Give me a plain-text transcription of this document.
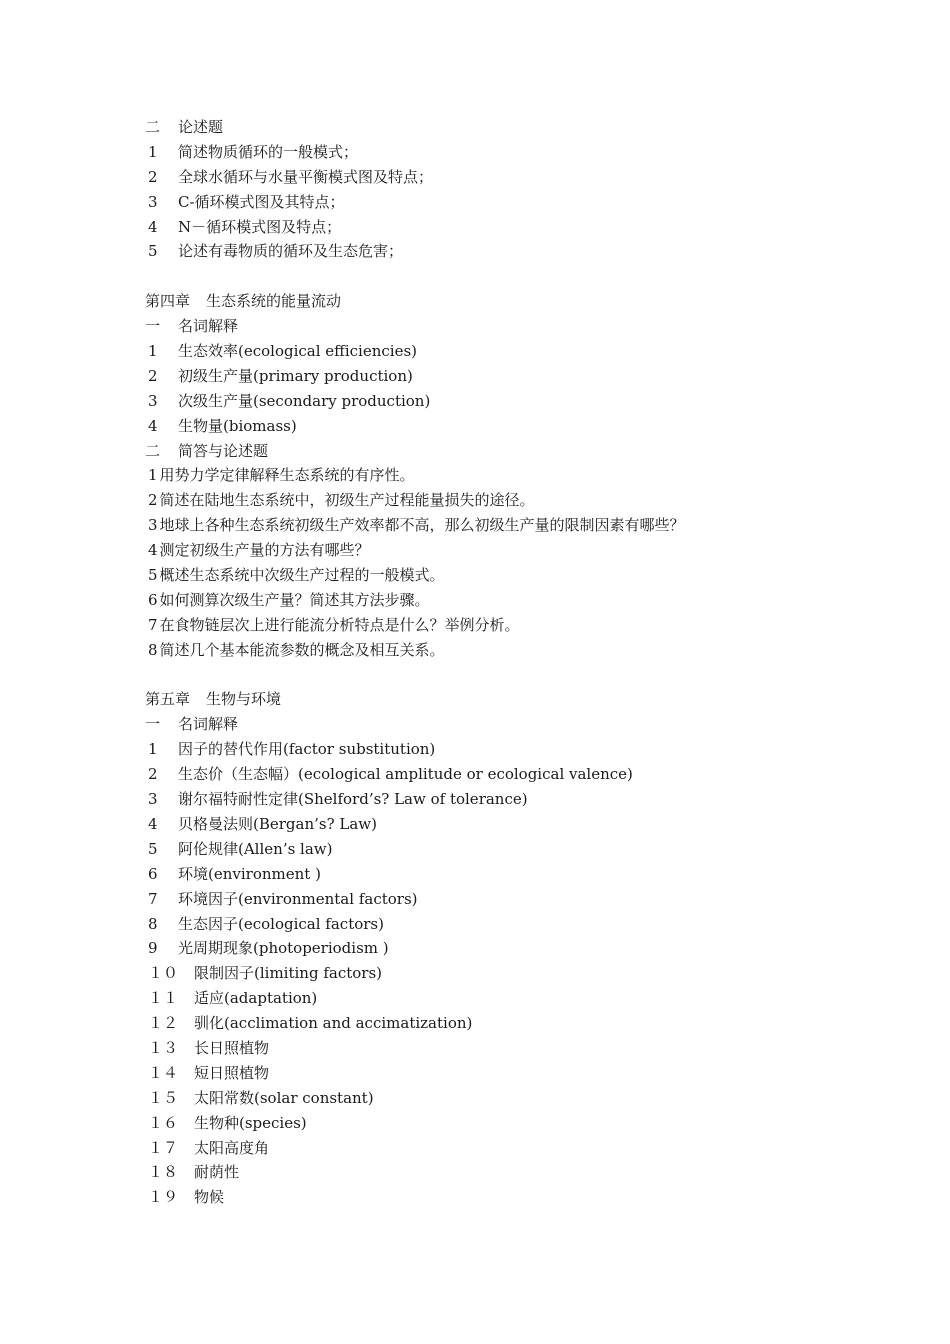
二 论述题
1 简述物质循环的一般模式；
2 全球水循环与水量平衡模式图及特点；
3 C-循环模式图及其特点；
4 N－循环模式图及特点；
5 论述有毒物质的循环及生态危害；
第四章 生态系统的能量流动
一 名词解释
1 生态效率(ecological efficiencies)
2 初级生产量(primary production)
3 次级生产量(secondary production)
4 生物量(biomass)
二 简答与论述题
1 用势力学定律解释生态系统的有序性。
2 简述在陆地生态系统中，初级生产过程能量损失的途径。
3 地球上各种生态系统初级生产效率都不高，那么初级生产量的限制因素有哪些？
4 测定初级生产量的方法有哪些？
5 概述生态系统中次级生产过程的一般模式。
6 如何测算次级生产量？简述其方法步骤。
7 在食物链层次上进行能流分析特点是什么？举例分析。
8 简述几个基本能流参数的概念及相互关系。
第五章 生物与环境
一 名词解释
1 因子的替代作用(factor substitution)
2 生态价（生态幅）(ecological amplitude or ecological valence)
3 谢尔福特耐性定律(Shelford’s? Law of tolerance)
4 贝格曼法则(Bergan’s? Law)
5 阿伦规律(Allen’s law)
6 环境(environment )
7 环境因子(environmental factors)
8 生态因子(ecological factors)
9 光周期现象(photoperiodism )
１０ 限制因子(limiting factors)
１１ 适应(adaptation)
１２ 驯化(acclimation and accimatization)
１３ 长日照植物
１４ 短日照植物
１５ 太阳常数(solar constant)
１６ 生物种(species)
１７ 太阳高度角
１８ 耐荫性
１９ 物候
